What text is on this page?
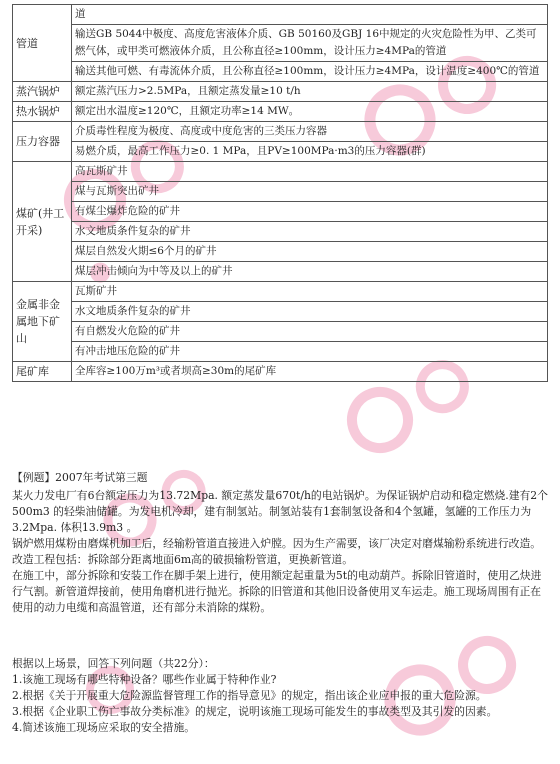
管道	道
	输送GB 5044中极度、高度危害液体介质、GB 50160及GBJ 16中规定的火灾危险性为甲、乙类可燃气体，或甲类可燃液体介质，且公称直径≥100mm，设计压力≥4MPa的管道
	输送其他可燃、有毒流体介质，且公称直径≥100mm，设计压力≥4MPa，设计温度≥400℃的管道
蒸汽锅炉	额定蒸汽压力>2.5MPa，且额定蒸发量≥10 t/h
热水锅炉	额定出水温度≥120℃，且额定功率≥14 MW。
压力容器	介质毒性程度为极度、高度或中度危害的三类压力容器
	易燃介质，最高工作压力≥0. 1 MPa，且PV≥100MPa·m3的压力容器(群)
煤矿(井工开采)	高瓦斯矿井
	煤与瓦斯突出矿井
	有煤尘爆炸危险的矿井
	水文地质条件复杂的矿井
	煤层自然发火期≤6个月的矿井
	煤层冲击倾向为中等及以上的矿井
金属非金属地下矿山	瓦斯矿井
	水文地质条件复杂的矿井
	有自燃发火危险的矿井
	有冲击地压危险的矿井
尾矿库	全库容≥100万m³或者坝高≥30m的尾矿库

【例题】2007年考试第三题

某火力发电厂有6台额定压力为13.72Mpa. 额定蒸发量670t/h的电站锅炉。为保证锅炉启动和稳定燃烧.建有2个500m3 的轻柴油储罐。为发电机冷却，建有制氢站。制氢站装有1套制氢设备和4个氢罐，氢罐的工作压力为3.2Mpa. 体积13.9m3 。

锅炉燃用煤粉由磨煤机加工后，经输粉管道直接进入炉膛。因为生产需要，该厂决定对磨煤输粉系统进行改造。改造工程包括：拆除部分距离地面6m高的破损输粉管道，更换新管道。

在施工中，部分拆除和安装工作在脚手架上进行，使用额定起重量为5t的电动葫芦。拆除旧管道时，使用乙炔进行气割。新管道焊接前，使用角磨机进行抛光。拆除的旧管道和其他旧设备使用叉车运走。施工现场周围有正在使用的动力电缆和高温管道，还有部分未消除的煤粉。

根据以上场景，回答下列问题（共22分）：

1.该施工现场有哪些特种设备？哪些作业属于特种作业?

2.根据《关于开展重大危险源监督管理工作的指导意见》的规定，指出该企业应申报的重大危险源。

3.根据《企业职工伤亡事故分类标准》的规定，说明该施工现场可能发生的事故类型及其引发的因素。

4.简述该施工现场应采取的安全措施。
